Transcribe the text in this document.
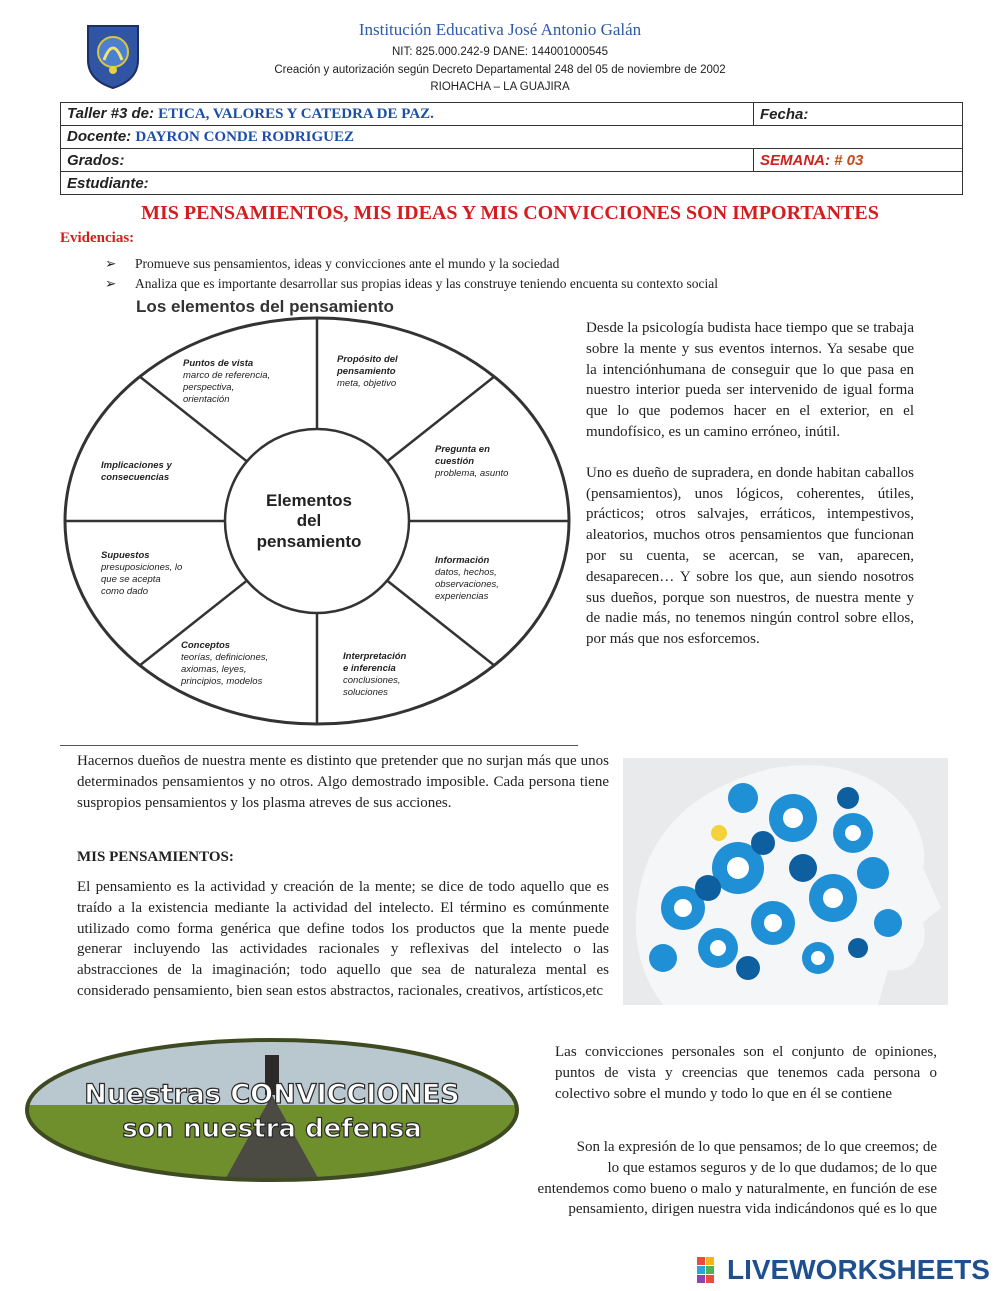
Institución Educativa José Antonio Galán
NIT: 825.000.242-9 DANE: 144001000545
Creación y autorización según Decreto Departamental 248 del 05 de noviembre de 2002
RIOHACHA – LA GUAJIRA
Taller #3 de: ETICA, VALORES Y CATEDRA DE PAZ.	Fecha:
Docente: DAYRON CONDE RODRIGUEZ	
Grados:	SEMANA: # 03
Estudiante:	
MIS PENSAMIENTOS, MIS IDEAS Y MIS CONVICCIONES SON IMPORTANTES
Evidencias:
➢ Promueve sus pensamientos, ideas y convicciones ante el mundo y la sociedad
➢ Analiza que es importante desarrollar sus propias ideas y las construye teniendo encuenta su contexto social
Los elementos del pensamiento
Elementos
del
pensamiento
Puntos de vista
marco de referencia,
perspectiva,
orientación
Propósito del
pensamiento
meta, objetivo
Pregunta en
cuestión
problema, asunto
Información
datos, hechos,
observaciones,
experiencias
Interpretación
e inferencia
conclusiones,
soluciones
Conceptos
teorías, definiciones,
axiomas, leyes,
principios, modelos
Supuestos
presuposiciones, lo
que se acepta
como dado
Implicaciones y
consecuencias

Desde la psicología budista hace tiempo que se trabaja sobre la mente y sus eventos internos. Ya sesabe que la intenciónhumana de conseguir que lo que pasa en nuestro interior pueda ser intervenido de igual forma que lo que podemos hacer en el exterior, en el mundofísico, es un camino erróneo, inútil.

Uno es dueño de supradera, en donde habitan caballos (pensamientos), unos lógicos, coherentes, útiles, prácticos; otros salvajes, erráticos, intempestivos, aleatorios, muchos otros pensamientos que funcionan por su cuenta, se acercan, se van, aparecen, desaparecen… Y sobre los que, aun siendo nosotros sus dueños, porque son nuestros, de nuestra mente y de nadie más, no tenemos ningún control sobre ellos, por más que nos esforcemos.

Hacernos dueños de nuestra mente es distinto que pretender que no surjan más que unos determinados pensamientos y no otros. Algo demostrado imposible. Cada persona tiene suspropios pensamientos y los plasma atreves de sus acciones.
MIS PENSAMIENTOS:
El pensamiento es la actividad y creación de la mente; se dice de todo aquello que es traído a la existencia mediante la actividad del intelecto. El término es comúnmente utilizado como forma genérica que define todos los productos que la mente puede generar incluyendo las actividades racionales y reflexivas del intelecto o las abstracciones de la imaginación; todo aquello que sea de naturaleza mental es considerado pensamiento, bien sean estos abstractos, racionales, creativos, artísticos,etc
Nuestras CONVICCIONES
son nuestra defensa
Las convicciones personales son el conjunto de opiniones, puntos de vista y creencias que tenemos cada persona o colectivo sobre el mundo y todo lo que en él se contiene
Son la expresión de lo que pensamos; de lo que creemos; de
lo que estamos seguros y de lo que dudamos; de lo que
entendemos como bueno o malo y naturalmente, en función de ese
pensamiento, dirigen nuestra vida indicándonos qué es lo que
LIVEWORKSHEETS
